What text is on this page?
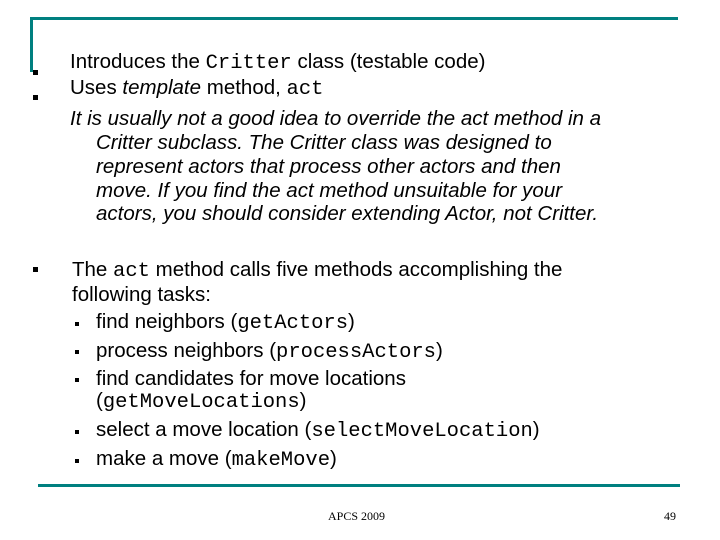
Introduces the Critter class (testable code)
Uses template method, act
It is usually not a good idea to override the act method in a
Critter subclass. The Critter class was designed to
represent actors that process other actors and then
move. If you find the act method unsuitable for your
actors, you should consider extending Actor, not Critter.
The act method calls five methods accomplishing the
following tasks:
find neighbors (getActors)
process neighbors (processActors)
find candidates for move locations
(getMoveLocations)
select a move location (selectMoveLocation)
make a move (makeMove)
APCS 2009	49
